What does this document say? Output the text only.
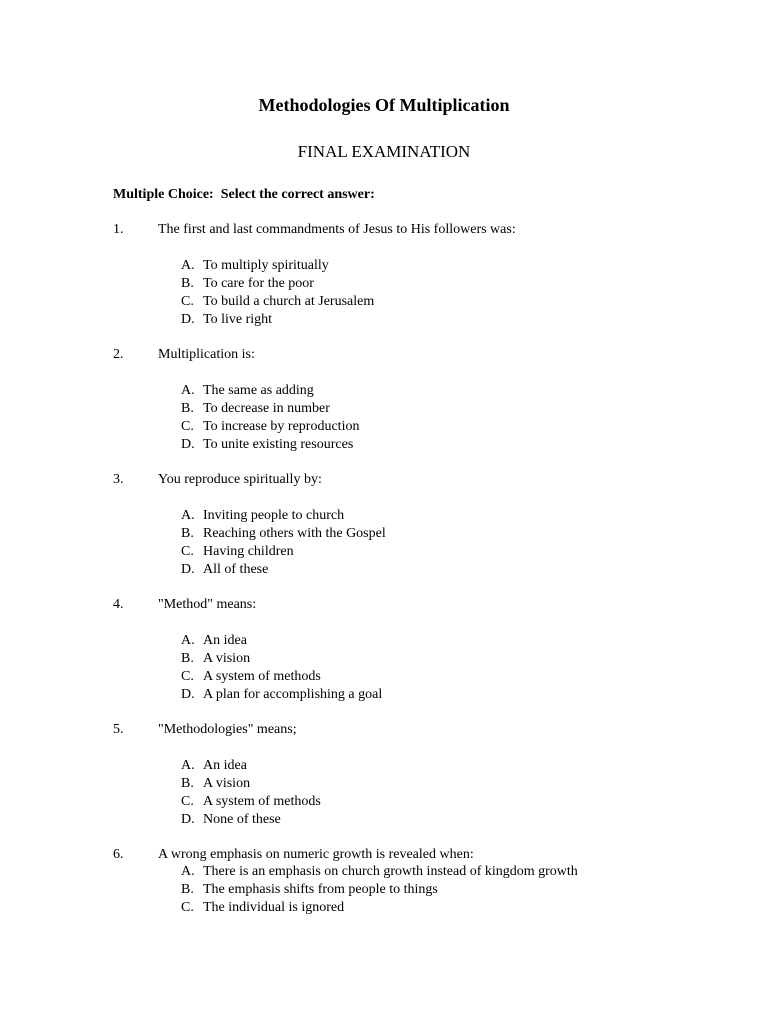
Methodologies Of Multiplication
FINAL EXAMINATION
Multiple Choice:  Select the correct answer:
1. The first and last commandments of Jesus to His followers was:
A. To multiply spiritually
B. To care for the poor
C. To build a church at Jerusalem
D. To live right
2. Multiplication is:
A. The same as adding
B. To decrease in number
C. To increase by reproduction
D. To unite existing resources
3. You reproduce spiritually by:
A. Inviting people to church
B. Reaching others with the Gospel
C. Having children
D. All of these
4. "Method" means:
A. An idea
B. A vision
C. A system of methods
D. A plan for accomplishing a goal
5. "Methodologies" means;
A. An idea
B. A vision
C. A system of methods
D. None of these
6. A wrong emphasis on numeric growth is revealed when:
A. There is an emphasis on church growth instead of kingdom growth
B. The emphasis shifts from people to things
C. The individual is ignored
